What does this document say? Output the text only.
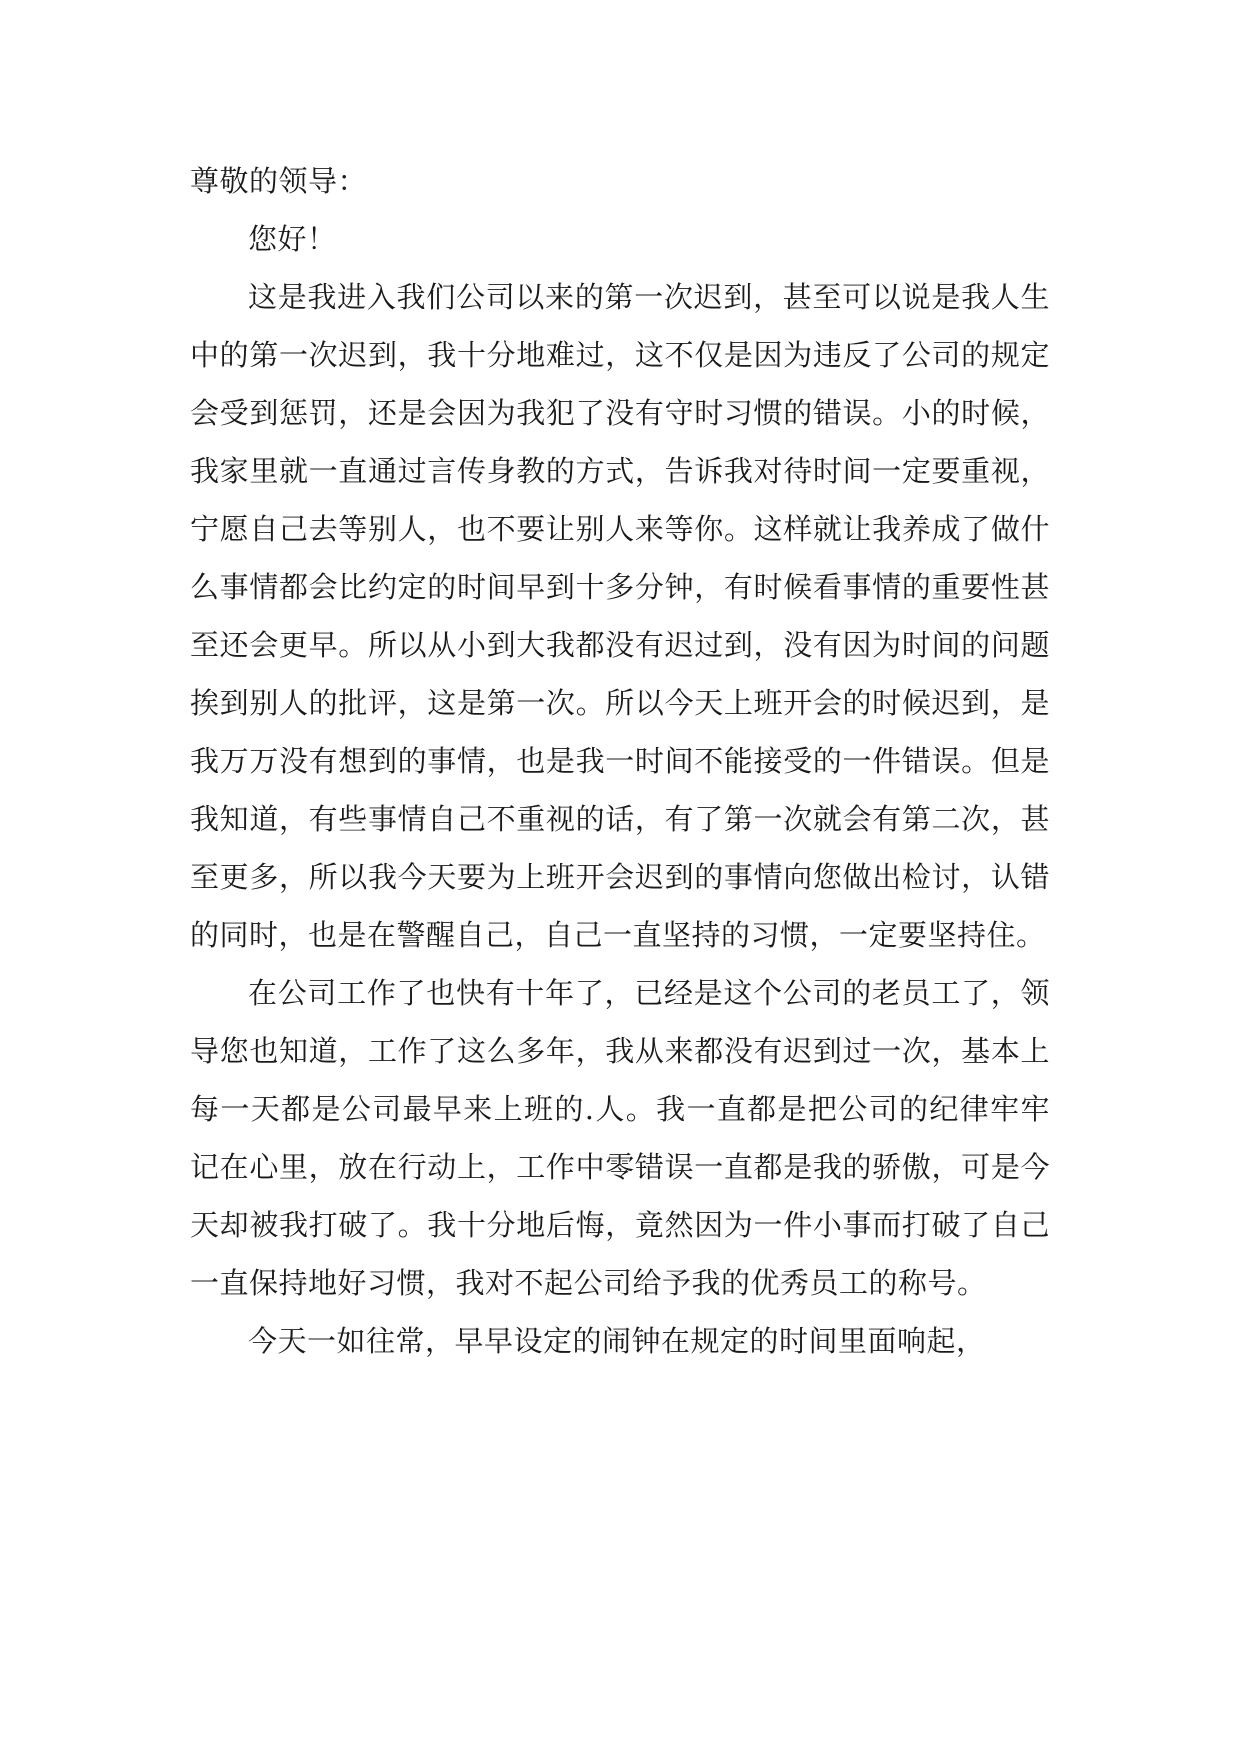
尊敬的领导：

您好！

这是我进入我们公司以来的第一次迟到，甚至可以说是我人生中的第一次迟到，我十分地难过，这不仅是因为违反了公司的规定会受到惩罚，还是会因为我犯了没有守时习惯的错误。小的时候，我家里就一直通过言传身教的方式，告诉我对待时间一定要重视，宁愿自己去等别人，也不要让别人来等你。这样就让我养成了做什么事情都会比约定的时间早到十多分钟，有时候看事情的重要性甚至还会更早。所以从小到大我都没有迟过到，没有因为时间的问题挨到别人的批评，这是第一次。所以今天上班开会的时候迟到，是我万万没有想到的事情，也是我一时间不能接受的一件错误。但是我知道，有些事情自己不重视的话，有了第一次就会有第二次，甚至更多，所以我今天要为上班开会迟到的事情向您做出检讨，认错的同时，也是在警醒自己，自己一直坚持的习惯，一定要坚持住。

在公司工作了也快有十年了，已经是这个公司的老员工了，领导您也知道，工作了这么多年，我从来都没有迟到过一次，基本上每一天都是公司最早来上班的.人。我一直都是把公司的纪律牢牢记在心里，放在行动上，工作中零错误一直都是我的骄傲，可是今天却被我打破了。我十分地后悔，竟然因为一件小事而打破了自己一直保持地好习惯，我对不起公司给予我的优秀员工的称号。

今天一如往常，早早设定的闹钟在规定的时间里面响起，
